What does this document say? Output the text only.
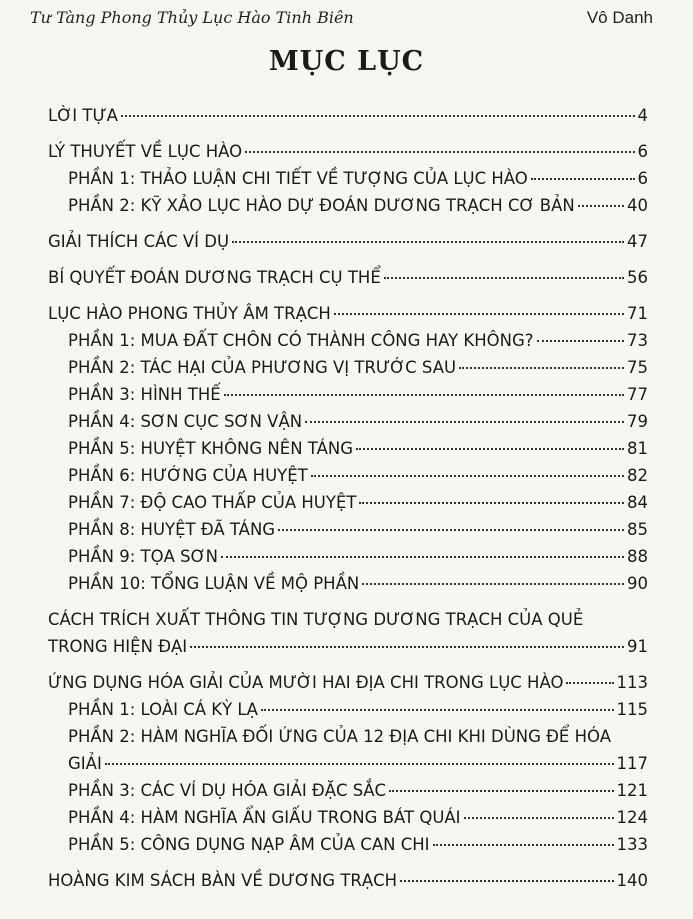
Tư Tàng Phong Thủy Lục Hào Tinh Biên	Vô Danh
MỤC LỤC
LỜI TỰA	4
LÝ THUYẾT VỀ LỤC HÀO	6
PHẦN 1: THẢO LUẬN CHI TIẾT VỀ TƯỢNG CỦA LỤC HÀO	6
PHẦN 2: KỸ XẢO LỤC HÀO DỰ ĐOÁN DƯƠNG TRẠCH CƠ BẢN	40
GIẢI THÍCH CÁC VÍ DỤ	47
BÍ QUYẾT ĐOÁN DƯƠNG TRẠCH CỤ THỂ	56
LỤC HÀO PHONG THỦY ÂM TRẠCH	71
PHẦN 1: MUA ĐẤT CHÔN CÓ THÀNH CÔNG HAY KHÔNG?	73
PHẦN 2: TÁC HẠI CỦA PHƯƠNG VỊ TRƯỚC SAU	75
PHẦN 3: HÌNH THẾ	77
PHẦN 4: SƠN CỤC SƠN VẬN	79
PHẦN 5: HUYỆT KHÔNG NÊN TÁNG	81
PHẦN 6: HƯỚNG CỦA HUYỆT	82
PHẦN 7: ĐỘ CAO THẤP CỦA HUYỆT	84
PHẦN 8: HUYỆT ĐÃ TÁNG	85
PHẦN 9: TỌA SƠN	88
PHẦN 10: TỔNG LUẬN VỀ MỘ PHẦN	90
CÁCH TRÍCH XUẤT THÔNG TIN TƯỢNG DƯƠNG TRẠCH CỦA QUẺ
TRONG HIỆN ĐẠI	91
ỨNG DỤNG HÓA GIẢI CỦA MƯỜI HAI ĐỊA CHI TRONG LỤC HÀO	113
PHẦN 1: LOÀI CÁ KỲ LẠ	115
PHẦN 2: HÀM NGHĨA ĐỐI ỨNG CỦA 12 ĐỊA CHI KHI DÙNG ĐỂ HÓA
GIẢI	117
PHẦN 3: CÁC VÍ DỤ HÓA GIẢI ĐẶC SẮC	121
PHẦN 4: HÀM NGHĨA ẨN GIẤU TRONG BÁT QUÁI	124
PHẦN 5: CÔNG DỤNG NẠP ÂM CỦA CAN CHI	133
HOÀNG KIM SÁCH BÀN VỀ DƯƠNG TRẠCH	140
